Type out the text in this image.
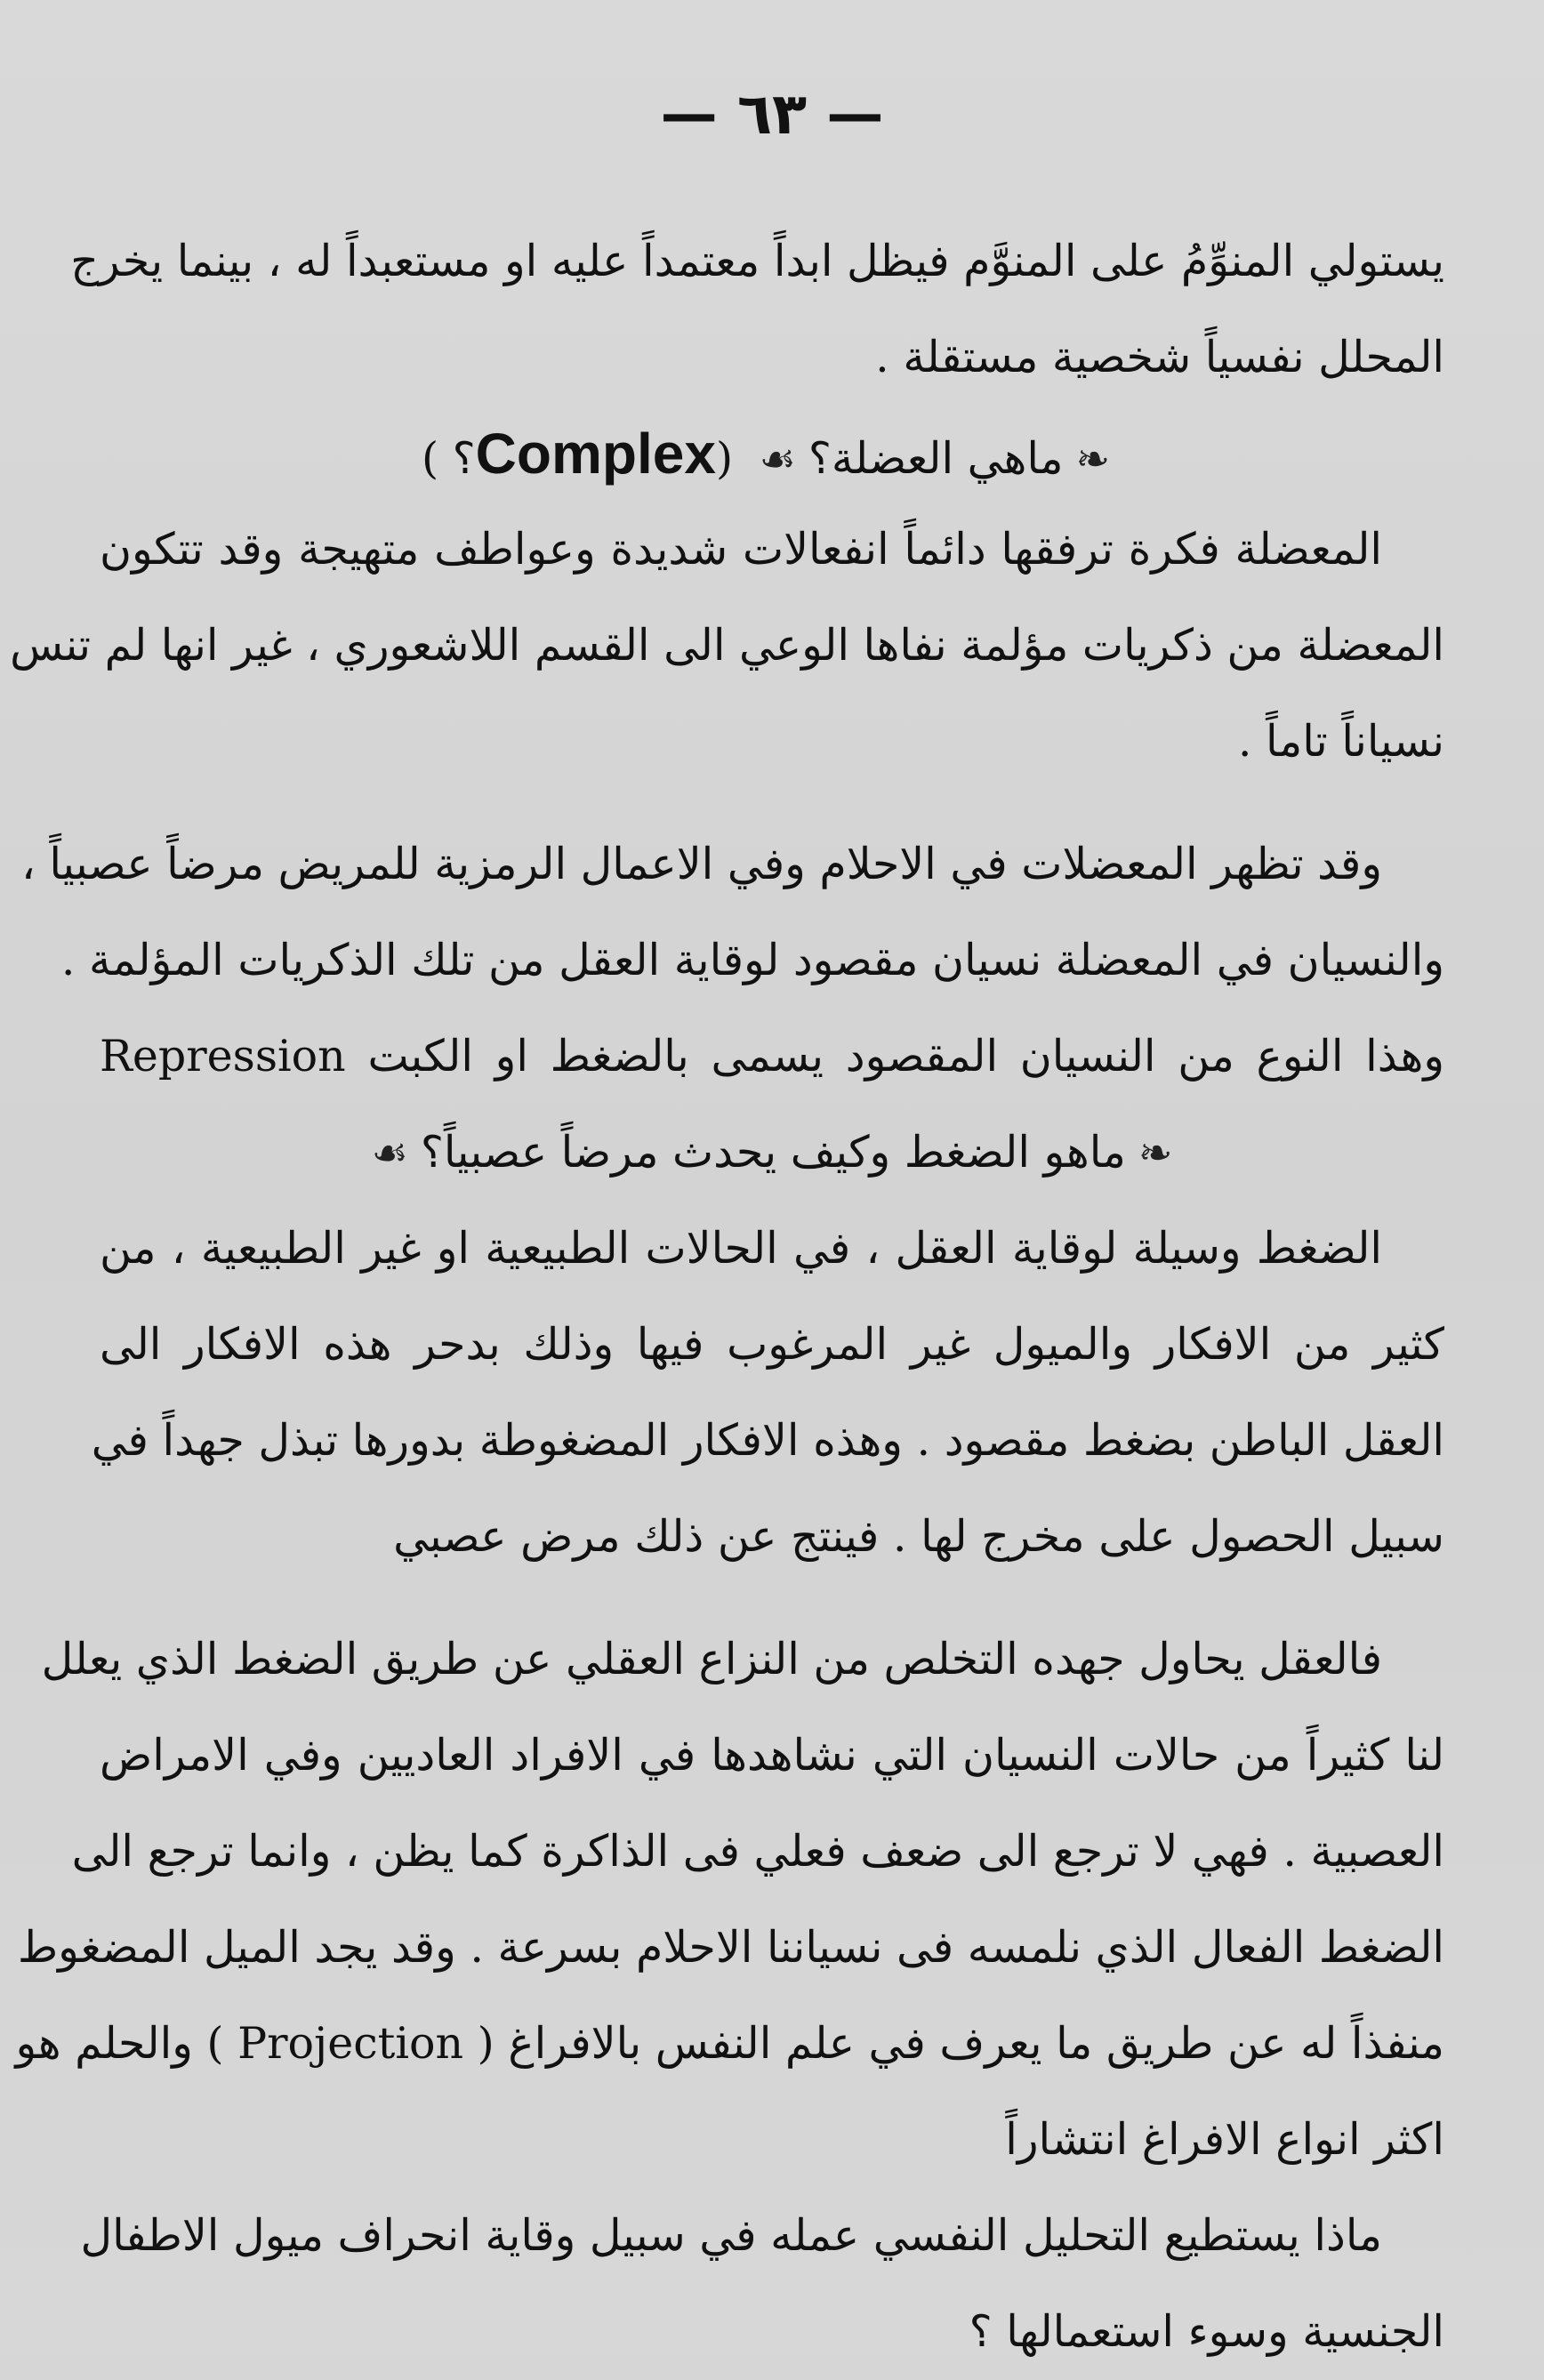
— ٦٣ —
يستولي المنوِّمُ على المنوَّم فيظل ابداً معتمداً عليه او مستعبداً له ، بينما يخرج
المحلل نفسياً شخصية مستقلة .
❧ماهي العضلة؟☙ (Complex؟ )
المعضلة فكرة ترفقها دائماً انفعالات شديدة وعواطف متهيجة وقد تتكون
المعضلة من ذكريات مؤلمة نفاها الوعي الى القسم اللاشعوري ، غير انها لم تنس
نسياناً تاماً .
وقد تظهر المعضلات في الاحلام وفي الاعمال الرمزية للمريض مرضاً عصبياً ،
والنسيان في المعضلة نسيان مقصود لوقاية العقل من تلك الذكريات المؤلمة .
وهذا النوع من النسيان المقصود يسمى بالضغط او الكبت Repression
❧ماهو الضغط وكيف يحدث مرضاً عصبياً؟☙
الضغط وسيلة لوقاية العقل ، في الحالات الطبيعية او غير الطبيعية ، من
كثير من الافكار والميول غير المرغوب فيها وذلك بدحر هذه الافكار الى
العقل الباطن بضغط مقصود . وهذه الافكار المضغوطة بدورها تبذل جهداً في
سبيل الحصول على مخرج لها . فينتج عن ذلك مرض عصبي
فالعقل يحاول جهده التخلص من النزاع العقلي عن طريق الضغط الذي يعلل
لنا كثيراً من حالات النسيان التي نشاهدها في الافراد العاديين وفي الامراض
العصبية . فهي لا ترجع الى ضعف فعلي فى الذاكرة كما يظن ، وانما ترجع الى
الضغط الفعال الذي نلمسه فى نسياننا الاحلام بسرعة . وقد يجد الميل المضغوط
منفذاً له عن طريق ما يعرف في علم النفس بالافراغ ( Projection ) والحلم هو
اكثر انواع الافراغ انتشاراً
ماذا يستطيع التحليل النفسي عمله في سبيل وقاية انحراف ميول الاطفال
الجنسية وسوء استعمالها ؟
